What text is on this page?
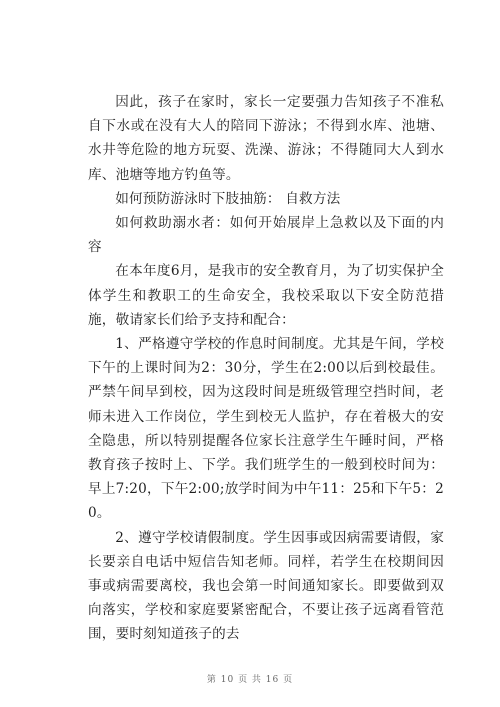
因此，孩子在家时，家长一定要强力告知孩子不准私自下水或在没有大人的陪同下游泳；不得到水库、池塘、水井等危险的地方玩耍、洗澡、游泳；不得随同大人到水库、池塘等地方钓鱼等。

如何预防游泳时下肢抽筋： 自救方法

如何救助溺水者：如何开始展岸上急救以及下面的内容

在本年度6月，是我市的安全教育月，为了切实保护全体学生和教职工的生命安全，我校采取以下安全防范措施，敬请家长们给予支持和配合：

1、严格遵守学校的作息时间制度。尤其是午间，学校下午的上课时间为2：30分，学生在2:00以后到校最佳。严禁午间早到校，因为这段时间是班级管理空挡时间，老师未进入工作岗位，学生到校无人监护，存在着极大的安全隐患，所以特别提醒各位家长注意学生午睡时间，严格教育孩子按时上、下学。我们班学生的一般到校时间为：早上7:20，下午2:00;放学时间为中午11：25和下午5：20。

2、遵守学校请假制度。学生因事或因病需要请假，家长要亲自电话中短信告知老师。同样，若学生在校期间因事或病需要离校，我也会第一时间通知家长。即要做到双向落实，学校和家庭要紧密配合，不要让孩子远离看管范围，要时刻知道孩子的去

第 10 页 共 16 页
